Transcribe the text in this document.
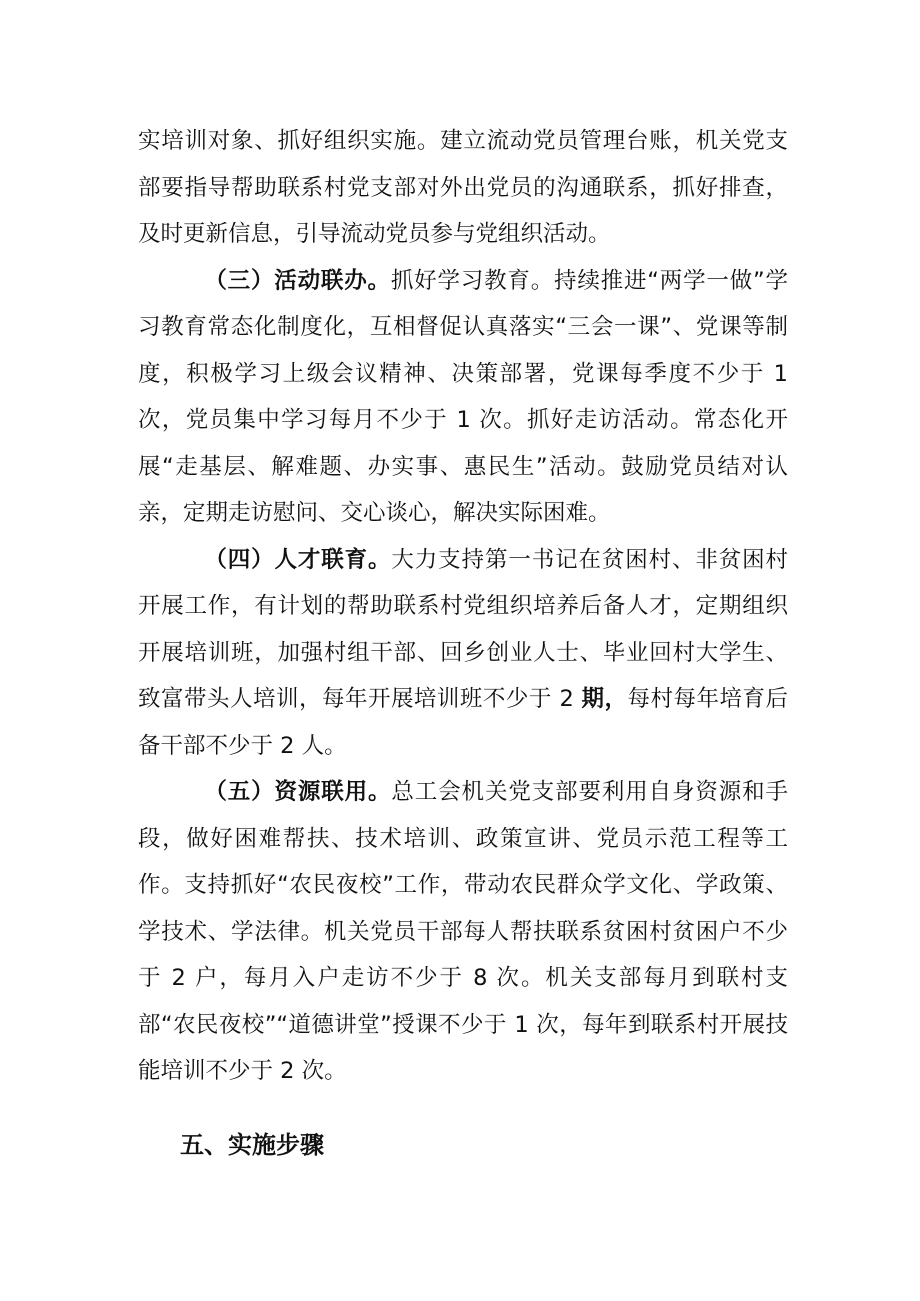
实培训对象、抓好组织实施。建立流动党员管理台账，机关党支部要指导帮助联系村党支部对外出党员的沟通联系，抓好排查，及时更新信息，引导流动党员参与党组织活动。

（三）活动联办。抓好学习教育。持续推进“两学一做”学习教育常态化制度化，互相督促认真落实“三会一课”、党课等制度，积极学习上级会议精神、决策部署，党课每季度不少于 1 次，党员集中学习每月不少于 1 次。抓好走访活动。常态化开展“走基层、解难题、办实事、惠民生”活动。鼓励党员结对认亲，定期走访慰问、交心谈心，解决实际困难。

（四）人才联育。大力支持第一书记在贫困村、非贫困村开展工作，有计划的帮助联系村党组织培养后备人才，定期组织开展培训班，加强村组干部、回乡创业人士、毕业回村大学生、致富带头人培训，每年开展培训班不少于 2 期，每村每年培育后备干部不少于 2 人。

（五）资源联用。总工会机关党支部要利用自身资源和手段，做好困难帮扶、技术培训、政策宣讲、党员示范工程等工作。支持抓好“农民夜校”工作，带动农民群众学文化、学政策、学技术、学法律。机关党员干部每人帮扶联系贫困村贫困户不少于 2 户，每月入户走访不少于 8 次。机关支部每月到联村支部“农民夜校”“道德讲堂”授课不少于 1 次，每年到联系村开展技能培训不少于 2 次。

五、实施步骤
